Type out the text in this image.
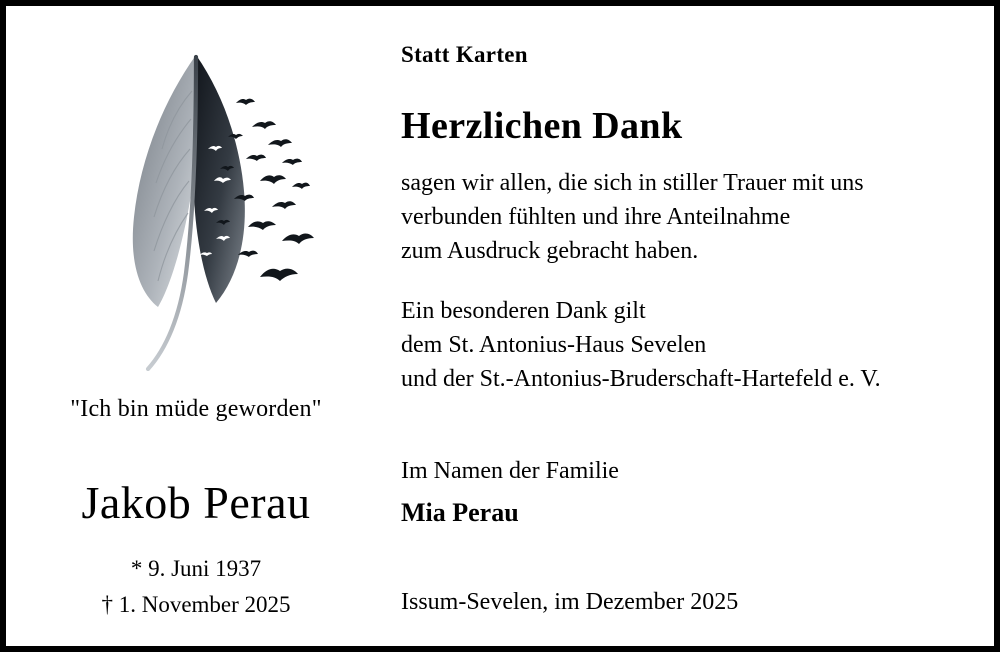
"Ich bin müde geworden"
Jakob Perau
* 9. Juni 1937
† 1. November 2025
Statt Karten
Herzlichen Dank
sagen wir allen, die sich in stiller Trauer mit uns
verbunden fühlten und ihre Anteilnahme
zum Ausdruck gebracht haben.
Ein besonderen Dank gilt
dem St. Antonius-Haus Sevelen
und der St.-Antonius-Bruderschaft-Hartefeld e. V.
Im Namen der Familie
Mia Perau
Issum-Sevelen, im Dezember 2025
